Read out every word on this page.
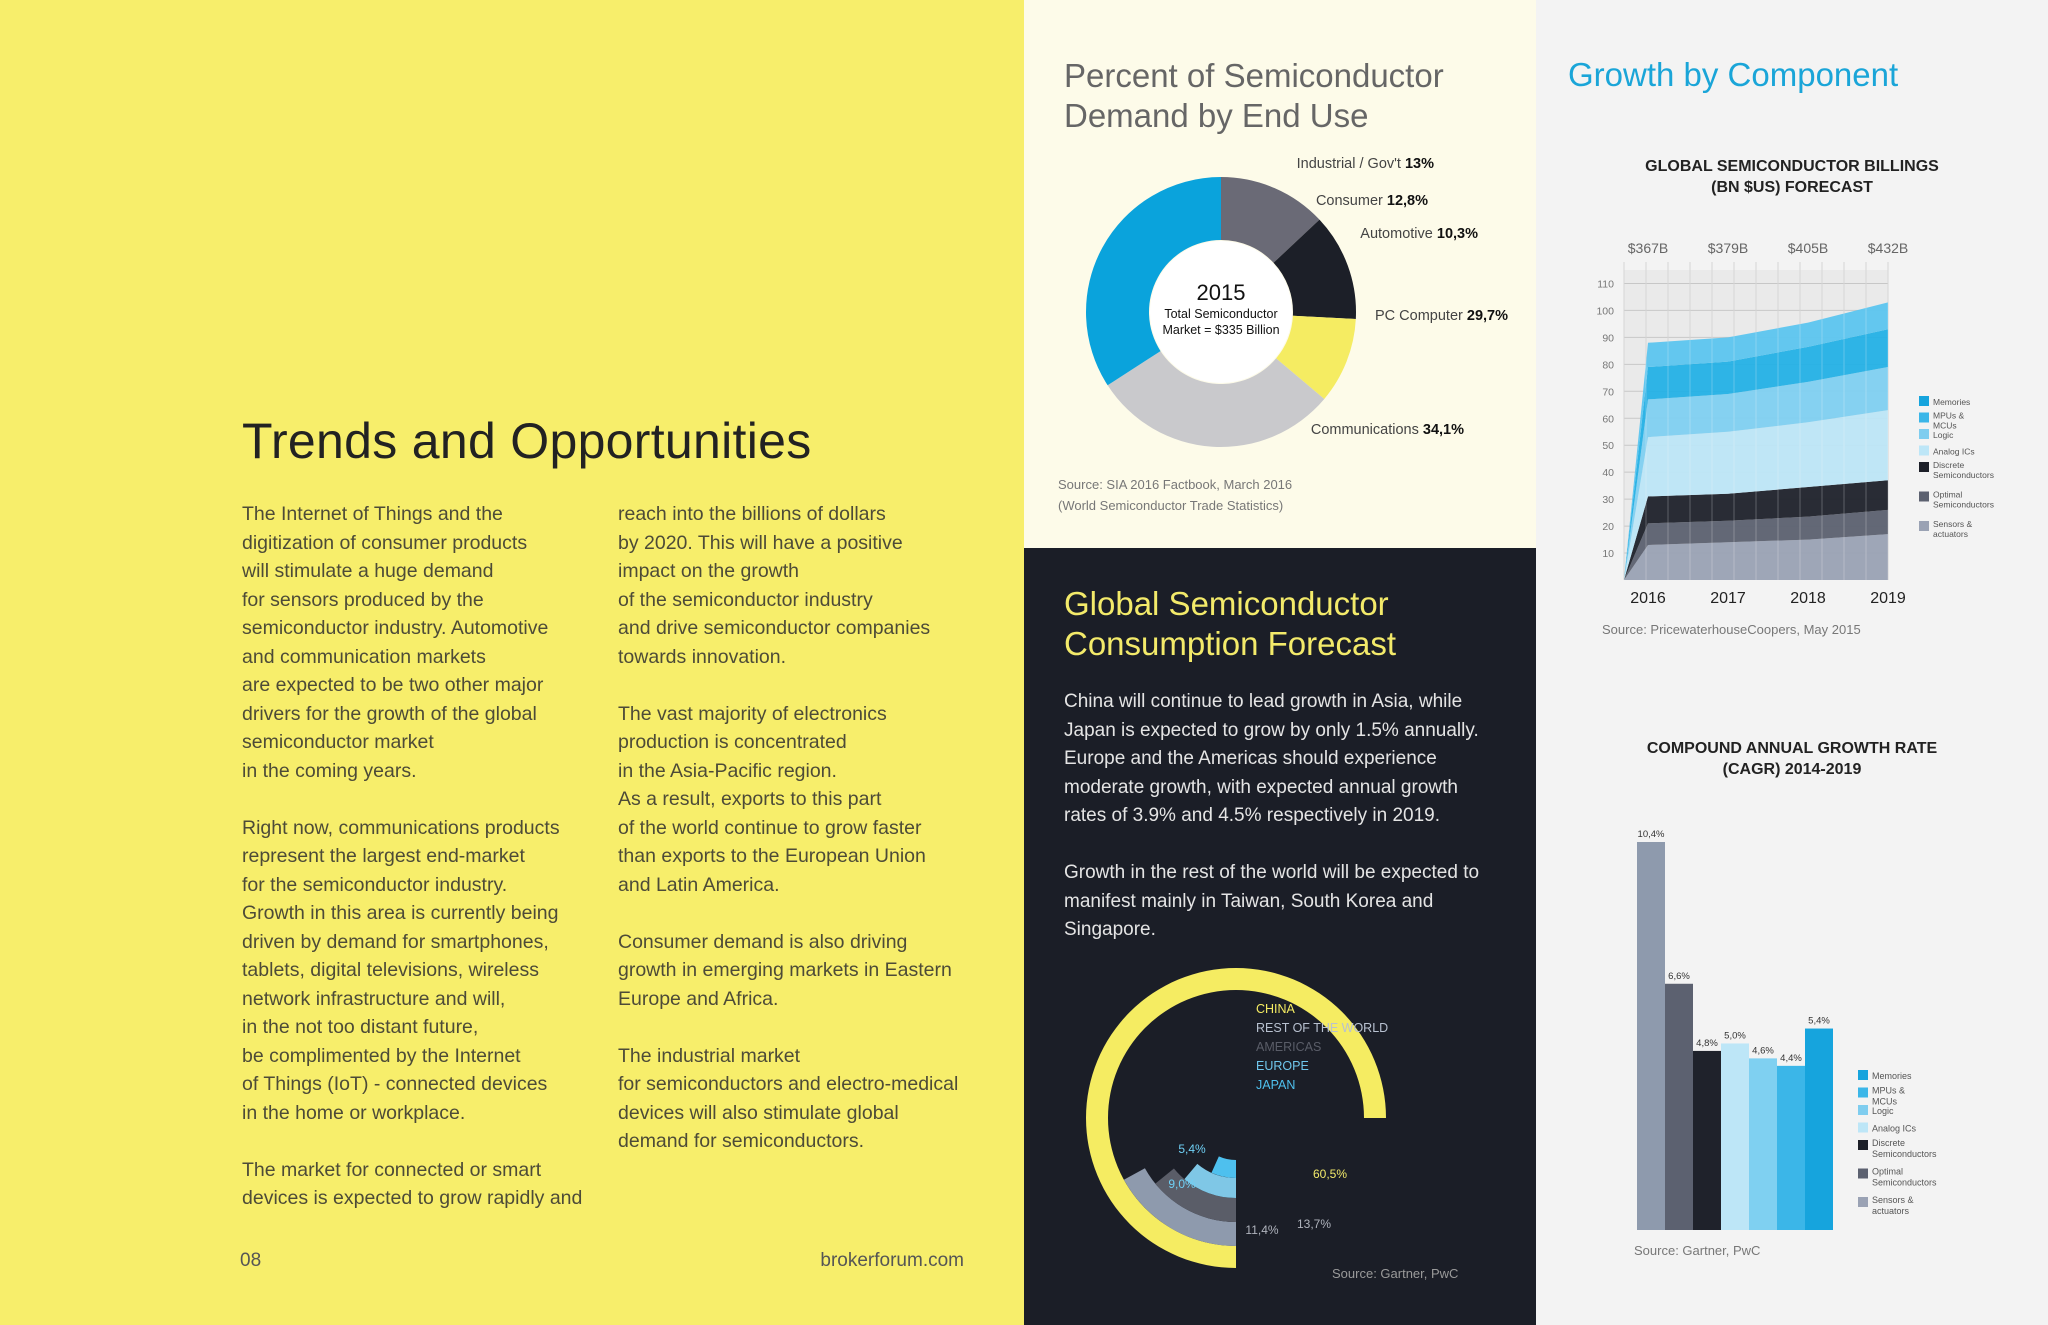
Trends and Opportunities

The Internet of Things and the
digitization of consumer products
will stimulate a huge demand
for sensors produced by the
semiconductor industry. Automotive
and communication markets
are expected to be two other major
drivers for the growth of the global
semiconductor market
in the coming years.

Right now, communications products
represent the largest end-market
for the semiconductor industry.
Growth in this area is currently being
driven by demand for smartphones,
tablets, digital televisions, wireless
network infrastructure and will,
in the not too distant future,
be complimented by the Internet
of Things (IoT) - connected devices
in the home or workplace.

The market for connected or smart
devices is expected to grow rapidly and

reach into the billions of dollars
by 2020. This will have a positive
impact on the growth
of the semiconductor industry
and drive semiconductor companies
towards innovation.

The vast majority of electronics
production is concentrated
in the Asia-Pacific region.
As a result, exports to this part
of the world continue to grow faster
than exports to the European Union
and Latin America.

Consumer demand is also driving
growth in emerging markets in Eastern
Europe and Africa.

The industrial market
for semiconductors and electro-medical
devices will also stimulate global
demand for semiconductors.

08	brokerforum.com
Percent of Semiconductor
Demand by End Use
Industrial / Gov't 13%
Consumer 12,8%
Automotive 10,3%
PC Computer 29,7%
Communications 34,1%
2015
Total Semiconductor
Market = $335 Billion
Source: SIA 2016 Factbook, March 2016
(World Semiconductor Trade Statistics)
Global Semiconductor
Consumption Forecast

China will continue to lead growth in Asia, while Japan is expected to grow by only 1.5% annually. Europe and the Americas should experience moderate growth, with expected annual growth rates of 3.9% and 4.5% respectively in 2019.

Growth in the rest of the world will be expected to manifest mainly in Taiwan, South Korea and Singapore.

60,5%
13,7%
11,4%
9,0%
5,4%
CHINA
REST OF THE WORLD
AMERICAS
EUROPE
JAPAN
Source: Gartner, PwC
Growth by Component
GLOBAL SEMICONDUCTOR BILLINGS
(BN $US) FORECAST
10
20
30
40
50
60
70
80
90
100
110
$367B	$379B	$405B	$432B
2016	2017	2018	2019
Memories
MPUs &
MCUs
Logic
Analog ICs
Discrete
Semiconductors
Optimal
Semiconductors
Sensors &
actuators
Source: PricewaterhouseCoopers, May 2015
COMPOUND ANNUAL GROWTH RATE
(CAGR) 2014-2019
10,4%
6,6%
4,8%
5,0%
4,6%
4,4%
5,4%
Memories
MPUs &
MCUs
Logic
Analog ICs
Discrete
Semiconductors
Optimal
Semiconductors
Sensors &
actuators
Source: Gartner, PwC
